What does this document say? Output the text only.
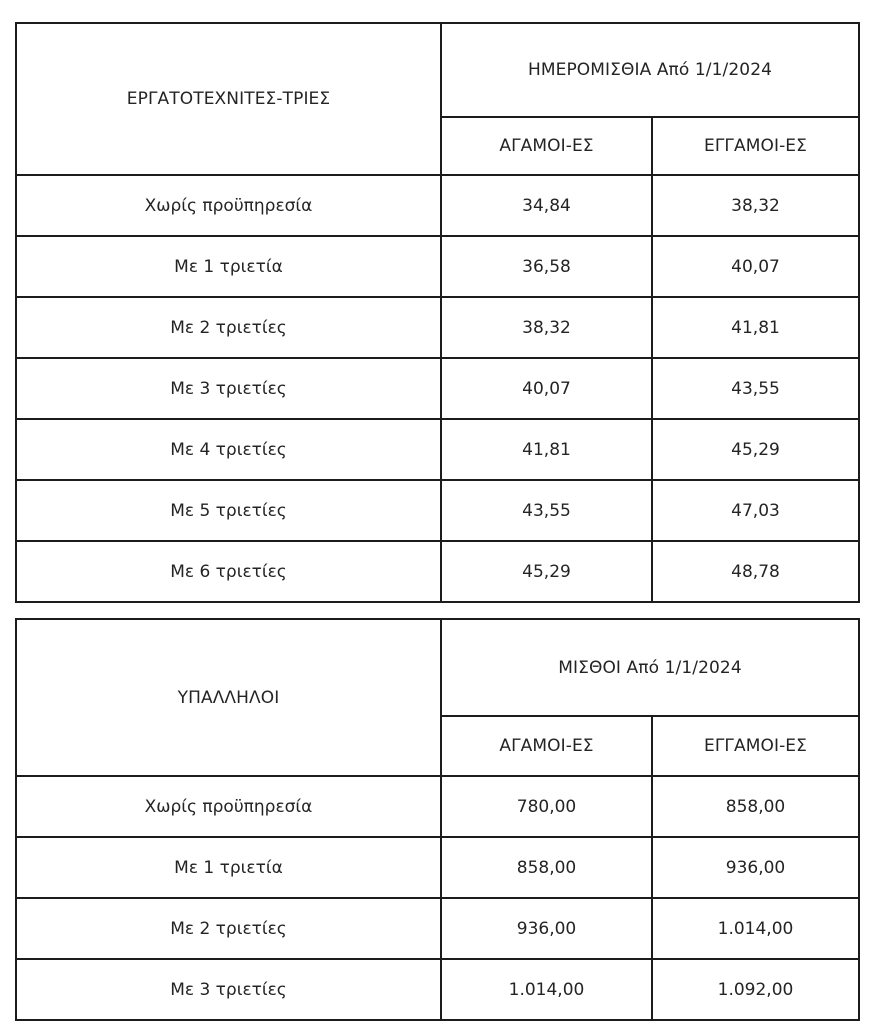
ΕΡΓΑΤΟΤΕΧΝΙΤΕΣ-ΤΡΙΕΣ	ΗΜΕΡΟΜΙΣΘΙΑ Από 1/1/2024	
	ΑΓΑΜΟΙ-ΕΣ	ΕΓΓΑΜΟΙ-ΕΣ
Χωρίς προϋπηρεσία	34,84	38,32
Με 1 τριετία	36,58	40,07
Με 2 τριετίες	38,32	41,81
Με 3 τριετίες	40,07	43,55
Με 4 τριετίες	41,81	45,29
Με 5 τριετίες	43,55	47,03
Με 6 τριετίες	45,29	48,78
ΥΠΑΛΛΗΛΟΙ	ΜΙΣΘΟΙ Από 1/1/2024	
	ΑΓΑΜΟΙ-ΕΣ	ΕΓΓΑΜΟΙ-ΕΣ
Χωρίς προϋπηρεσία	780,00	858,00
Με 1 τριετία	858,00	936,00
Με 2 τριετίες	936,00	1.014,00
Με 3 τριετίες	1.014,00	1.092,00
